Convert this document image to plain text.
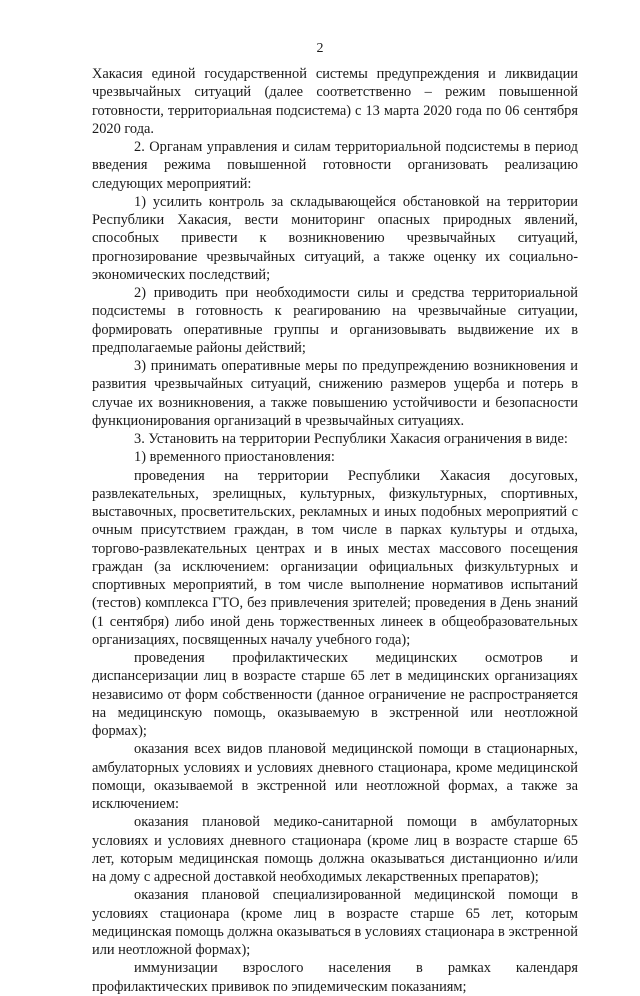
2

Хакасия единой государственной системы предупреждения и ликвидации чрезвычайных ситуаций (далее соответственно – режим повышенной готовности, территориальная подсистема) с 13 марта 2020 года по 06 сентября 2020 года.

2. Органам управления и силам территориальной подсистемы в период введения режима повышенной готовности организовать реализацию следующих мероприятий:

1) усилить контроль за складывающейся обстановкой на территории Республики Хакасия, вести мониторинг опасных природных явлений, способных привести к возникновению чрезвычайных ситуаций, прогнозирование чрезвычайных ситуаций, а также оценку их социально-экономических последствий;

2) приводить при необходимости силы и средства территориальной подсистемы в готовность к реагированию на чрезвычайные ситуации, формировать оперативные группы и организовывать выдвижение их в предполагаемые районы действий;

3) принимать оперативные меры по предупреждению возникновения и развития чрезвычайных ситуаций, снижению размеров ущерба и потерь в случае их возникновения, а также повышению устойчивости и безопасности функционирования организаций в чрезвычайных ситуациях.

3. Установить на территории Республики Хакасия ограничения в виде:

1) временного приостановления:

проведения на территории Республики Хакасия досуговых, развлекательных, зрелищных, культурных, физкультурных, спортивных, выставочных, просветительских, рекламных и иных подобных мероприятий с очным присутствием граждан, в том числе в парках культуры и отдыха, торгово-развлекательных центрах и в иных местах массового посещения граждан (за исключением: организации официальных физкультурных и спортивных мероприятий, в том числе выполнение нормативов испытаний (тестов) комплекса ГТО, без привлечения зрителей; проведения в День знаний (1 сентября) либо иной день торжественных линеек в общеобразовательных организациях, посвященных началу учебного года);

проведения профилактических медицинских осмотров и диспансеризации лиц в возрасте старше 65 лет в медицинских организациях независимо от форм собственности (данное ограничение не распространяется на медицинскую помощь, оказываемую в экстренной или неотложной формах);

оказания всех видов плановой медицинской помощи в стационарных, амбулаторных условиях и условиях дневного стационара, кроме медицинской помощи, оказываемой в экстренной или неотложной формах, а также за исключением:

оказания плановой медико-санитарной помощи в амбулаторных условиях и условиях дневного стационара (кроме лиц в возрасте старше 65 лет, которым медицинская помощь должна оказываться дистанционно и/или на дому с адресной доставкой необходимых лекарственных препаратов);

оказания плановой специализированной медицинской помощи в условиях стационара (кроме лиц в возрасте старше 65 лет, которым медицинская помощь должна оказываться в условиях стационара в экстренной или неотложной формах);

иммунизации взрослого населения в рамках календаря профилактических прививок по эпидемическим показаниям;
